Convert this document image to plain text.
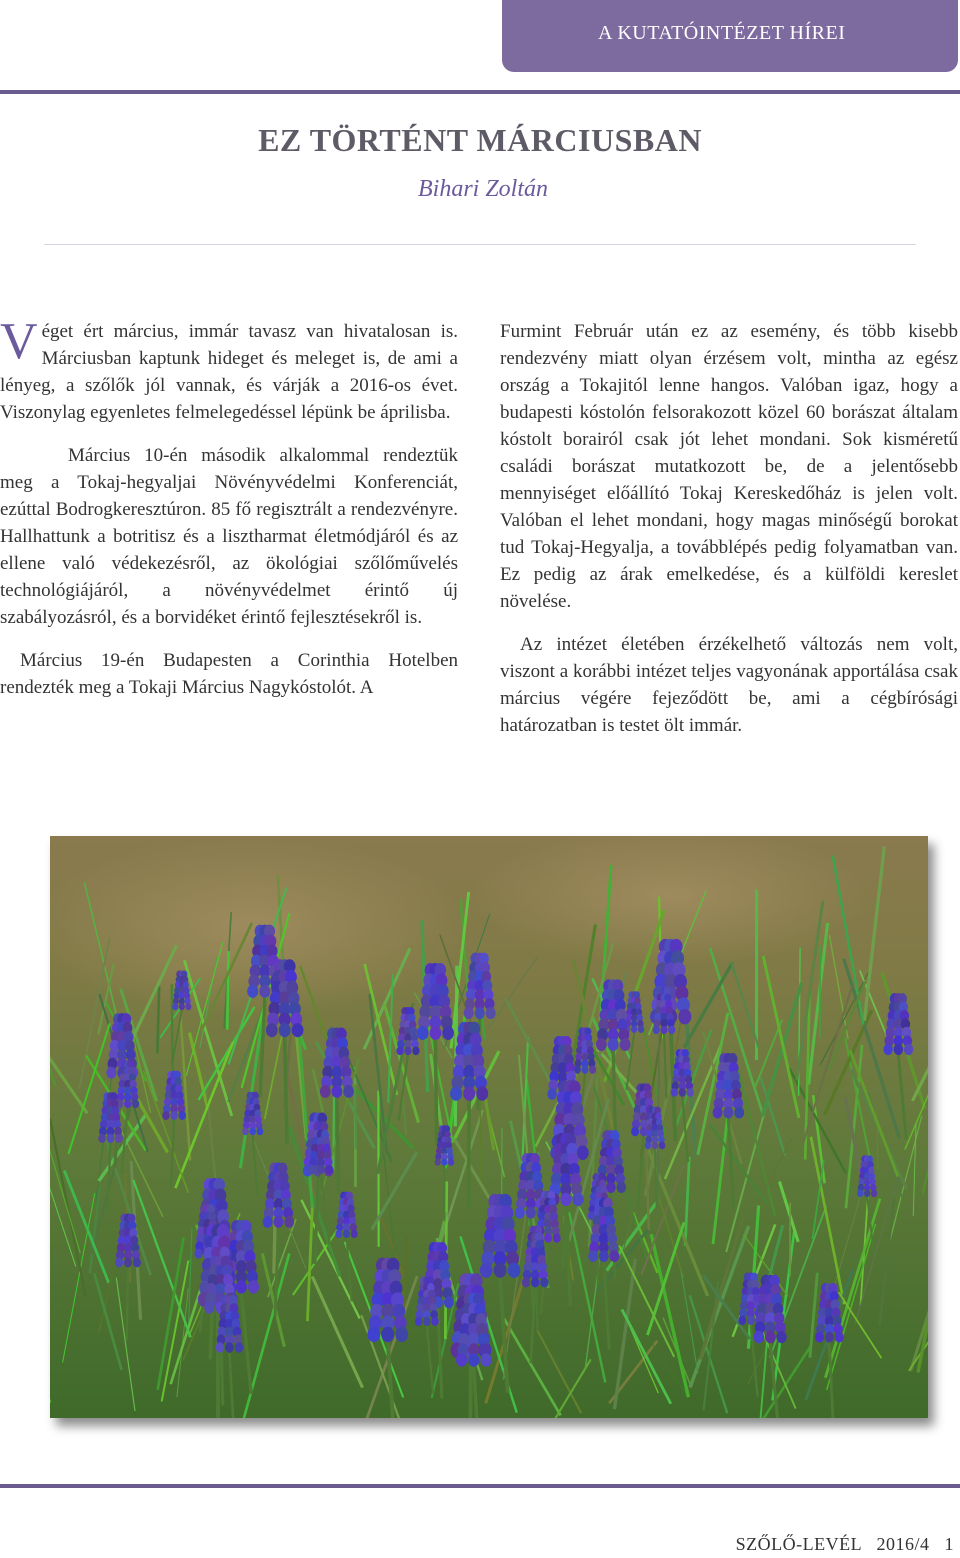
A KUTATÓINTÉZET HÍREI
EZ TÖRTÉNT MÁRCIUSBAN
Bihari Zoltán

Véget ért március, immár tavasz van hivatalosan is. Márciusban kaptunk hideget és meleget is, de ami a lényeg, a szőlők jól vannak, és várják a 2016-os évet. Viszonylag egyenletes felmelegedéssel lépünk be áprilisba.

Március 10-én második alkalommal rendeztük meg a Tokaj-hegyaljai Növényvédelmi Konferenciát, ezúttal Bodrogkeresztúron. 85 fő regisztrált a rendezvényre. Hallhattunk a botritisz és a lisztharmat életmódjáról és az ellene való védekezésről, az ökológiai szőlőművelés technológiájáról, a növényvédelmet érintő új szabályozásról, és a borvidéket érintő fejlesztésekről is.

Március 19-én Budapesten a Corinthia Hotelben rendezték meg a Tokaji Március Nagykóstolót. A

Furmint Február után ez az esemény, és több kisebb rendezvény miatt olyan érzésem volt, mintha az egész ország a Tokajitól lenne hangos. Valóban igaz, hogy a budapesti kóstolón felsorakozott közel 60 borászat általam kóstolt borairól csak jót lehet mondani. Sok kisméretű családi borászat mutatkozott be, de a jelentősebb mennyiséget előállító Tokaj Kereskedőház is jelen volt. Valóban el lehet mondani, hogy magas minőségű borokat tud Tokaj-Hegyalja, a továbblépés pedig folyamatban van. Ez pedig az árak emelkedése, és a külföldi kereslet növelése.

Az intézet életében érzékelhető változás nem volt, viszont a korábbi intézet teljes vagyonának apportálása csak március végére fejeződött be, ami a cégbírósági határozatban is testet ölt immár.

SZŐLŐ-LEVÉL 2016/4 1
